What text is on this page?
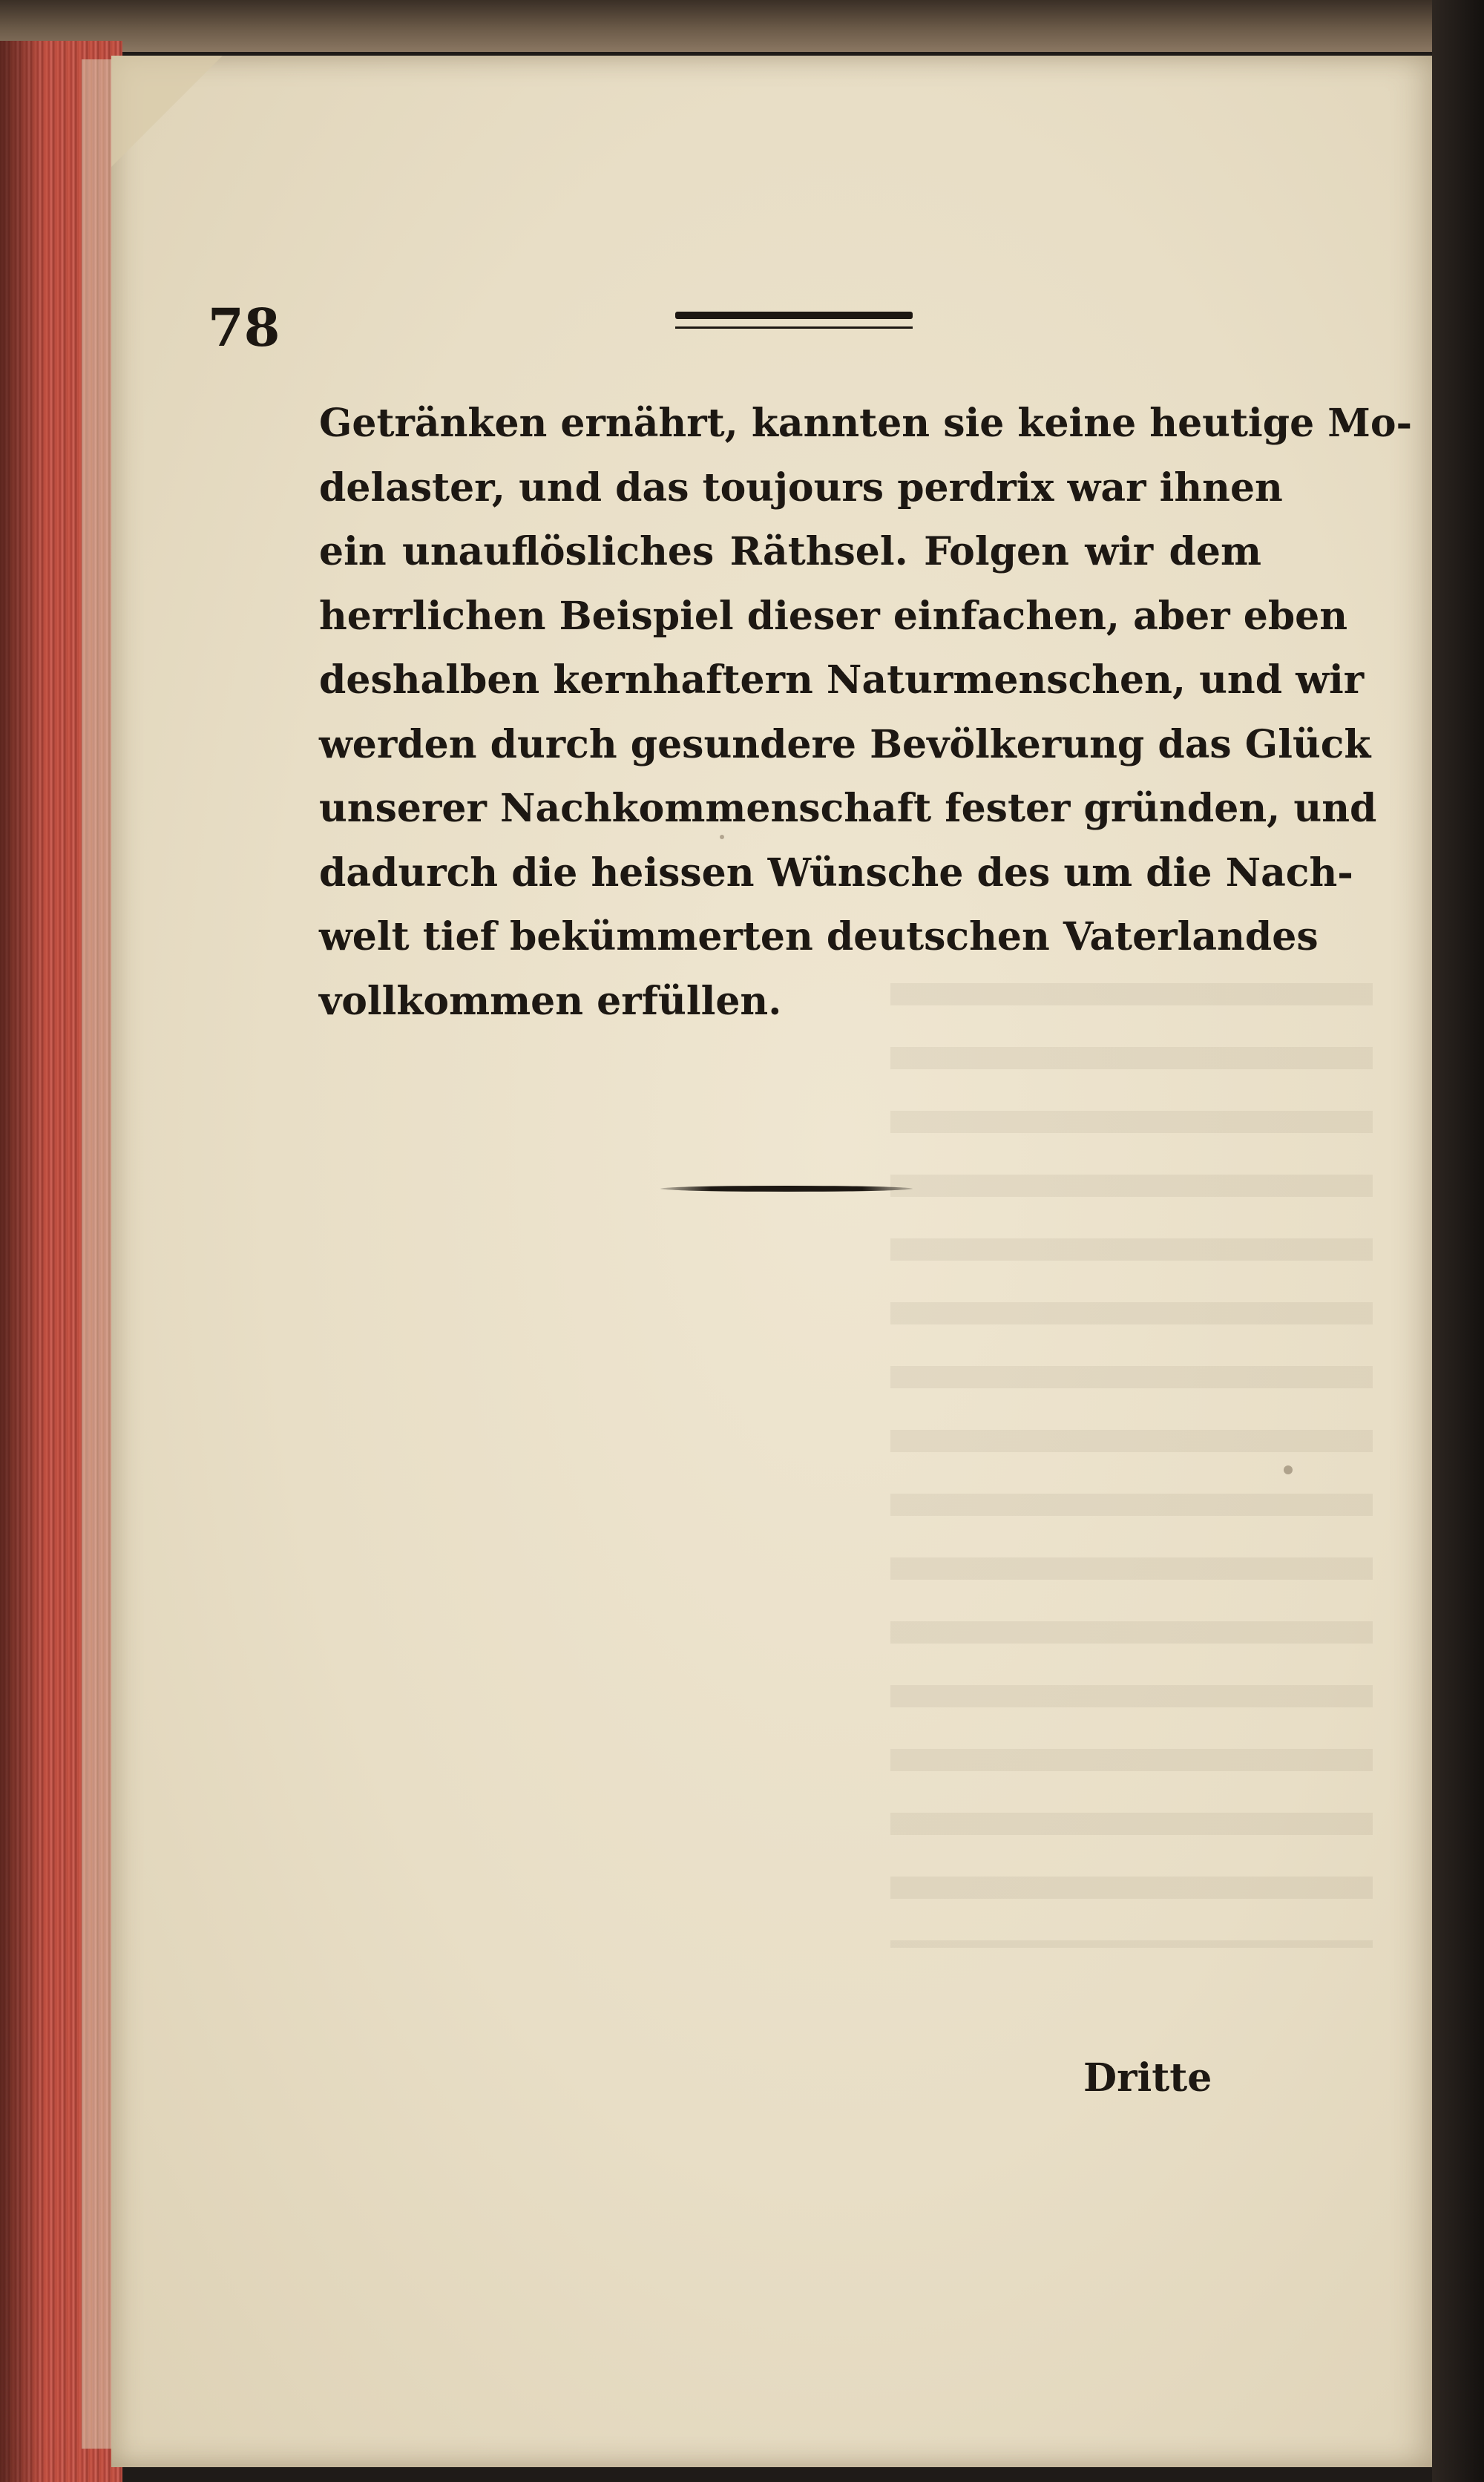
78
Getränken ernährt, kannten sie keine heutige Mo-
delaster, und das toujours perdrix war ihnen
ein unauflösliches Räthsel. Folgen wir dem
herrlichen Beispiel dieser einfachen, aber eben
deshalben kernhaftern Naturmenschen, und wir
werden durch gesundere Bevölkerung das Glück
unserer Nachkommenschaft fester gründen, und
dadurch die heissen Wünsche des um die Nach-
welt tief bekümmerten deutschen Vaterlandes
vollkommen erfüllen.
Dritte
